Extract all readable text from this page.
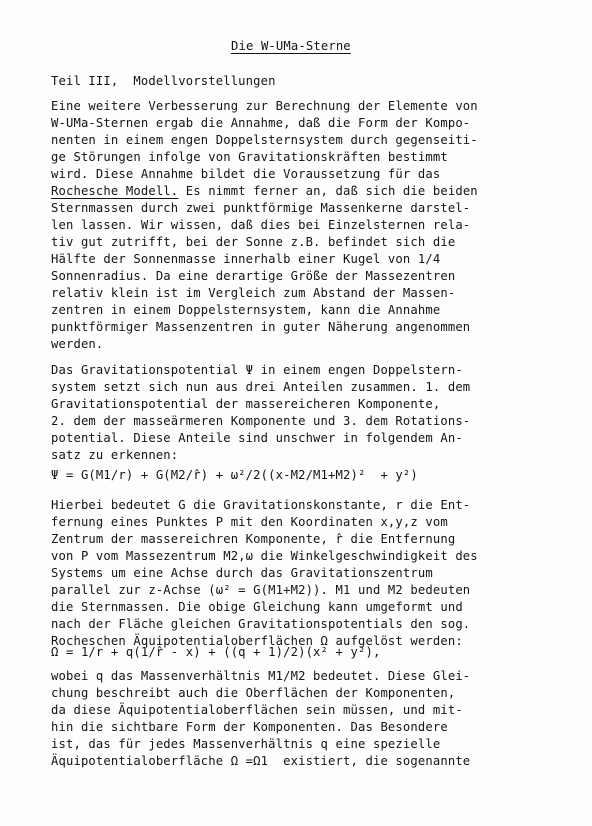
Die W-UMa-Sterne
Teil III,  Modellvorstellungen
Eine weitere Verbesserung zur Berechnung der Elemente von
W-UMa-Sternen ergab die Annahme, daß die Form der Kompo-
nenten in einem engen Doppelsternsystem durch gegenseiti-
ge Störungen infolge von Gravitationskräften bestimmt
wird. Diese Annahme bildet die Voraussetzung für das
Rochesche Modell. Es nimmt ferner an, daß sich die beiden
Sternmassen durch zwei punktförmige Massenkerne darstel-
len lassen. Wir wissen, daß dies bei Einzelsternen rela-
tiv gut zutrifft, bei der Sonne z.B. befindet sich die
Hälfte der Sonnenmasse innerhalb einer Kugel von 1/4
Sonnenradius. Da eine derartige Größe der Massezentren
relativ klein ist im Vergleich zum Abstand der Massen-
zentren in einem Doppelsternsystem, kann die Annahme
punktförmiger Massenzentren in guter Näherung angenommen
werden.
Das Gravitationspotential Ψ in einem engen Doppelstern-
system setzt sich nun aus drei Anteilen zusammen. 1. dem
Gravitationspotential der massereicheren Komponente,
2. dem der masseärmeren Komponente und 3. dem Rotations-
potential. Diese Anteile sind unschwer in folgendem An-
satz zu erkennen:
Ψ = G(M1/r) + G(M2/r̂) + ω²/2((x-M2/M1+M2)²  + y²)
Hierbei bedeutet G die Gravitationskonstante, r die Ent-
fernung eines Punktes P mit den Koordinaten x,y,z vom
Zentrum der massereichren Komponente, r̂ die Entfernung
von P vom Massezentrum M2,ω die Winkelgeschwindigkeit des
Systems um eine Achse durch das Gravitationszentrum
parallel zur z-Achse (ω² = G(M1+M2)). M1 und M2 bedeuten
die Sternmassen. Die obige Gleichung kann umgeformt und
nach der Fläche gleichen Gravitationspotentials den sog.
Rocheschen Äquipotentialoberflächen Ω aufgelöst werden:
Ω = 1/r + q(1/r̂ - x) + ((q + 1)/2)(x² + y²),
wobei q das Massenverhältnis M1/M2 bedeutet. Diese Glei-
chung beschreibt auch die Oberflächen der Komponenten,
da diese Äquipotentialoberflächen sein müssen, und mit-
hin die sichtbare Form der Komponenten. Das Besondere
ist, das für jedes Massenverhältnis q eine spezielle
Äquipotentialoberfläche Ω =Ω1  existiert, die sogenannte
